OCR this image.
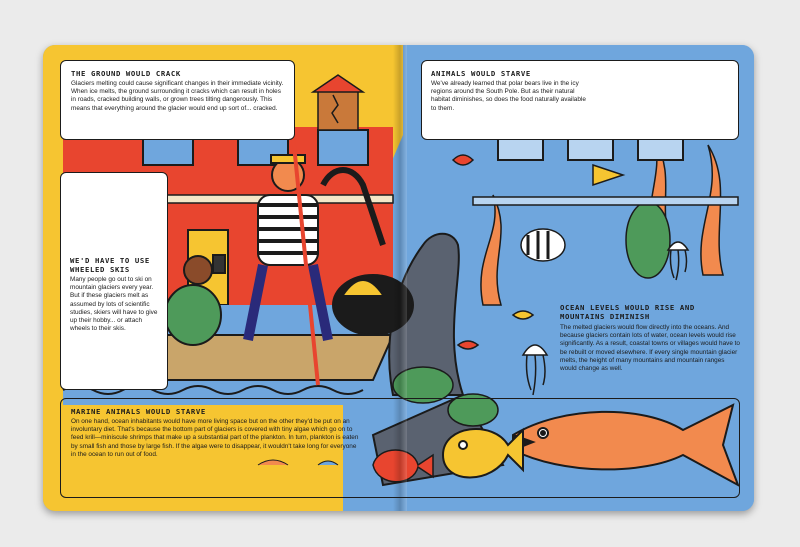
THE GROUND WOULD CRACK

Glaciers melting could cause significant changes in their immediate vicinity. When ice melts, the ground surrounding it cracks which can result in holes in roads, cracked building walls, or grown trees tilting dangerously. This means that everything around the glacier would end up sort of... cracked.

ANIMALS WOULD STARVE

We've already learned that polar bears live in the icy regions around the South Pole. But as their natural habitat diminishes, so does the food naturally available to them.

WE'D HAVE TO USE WHEELED SKIS

Many people go out to ski on mountain glaciers every year. But if these glaciers melt as assumed by lots of scientific studies, skiers will have to give up their hobby... or attach wheels to their skis.

OCEAN LEVELS WOULD RISE AND MOUNTAINS DIMINISH

The melted glaciers would flow directly into the oceans. And because glaciers contain lots of water, ocean levels would rise significantly. As a result, coastal towns or villages would have to be rebuilt or moved elsewhere. If every single mountain glacier melts, the height of many mountains and mountain ranges would change as well.

MARINE ANIMALS WOULD STARVE

On one hand, ocean inhabitants would have more living space but on the other they'd be put on an involuntary diet. That's because the bottom part of glaciers is covered with tiny algae which go on to feed krill—miniscule shrimps that make up a substantial part of the plankton. In turn, plankton is eaten by small fish and those by large fish. If the algae were to disappear, it wouldn't take long for everyone in the ocean to run out of food.
